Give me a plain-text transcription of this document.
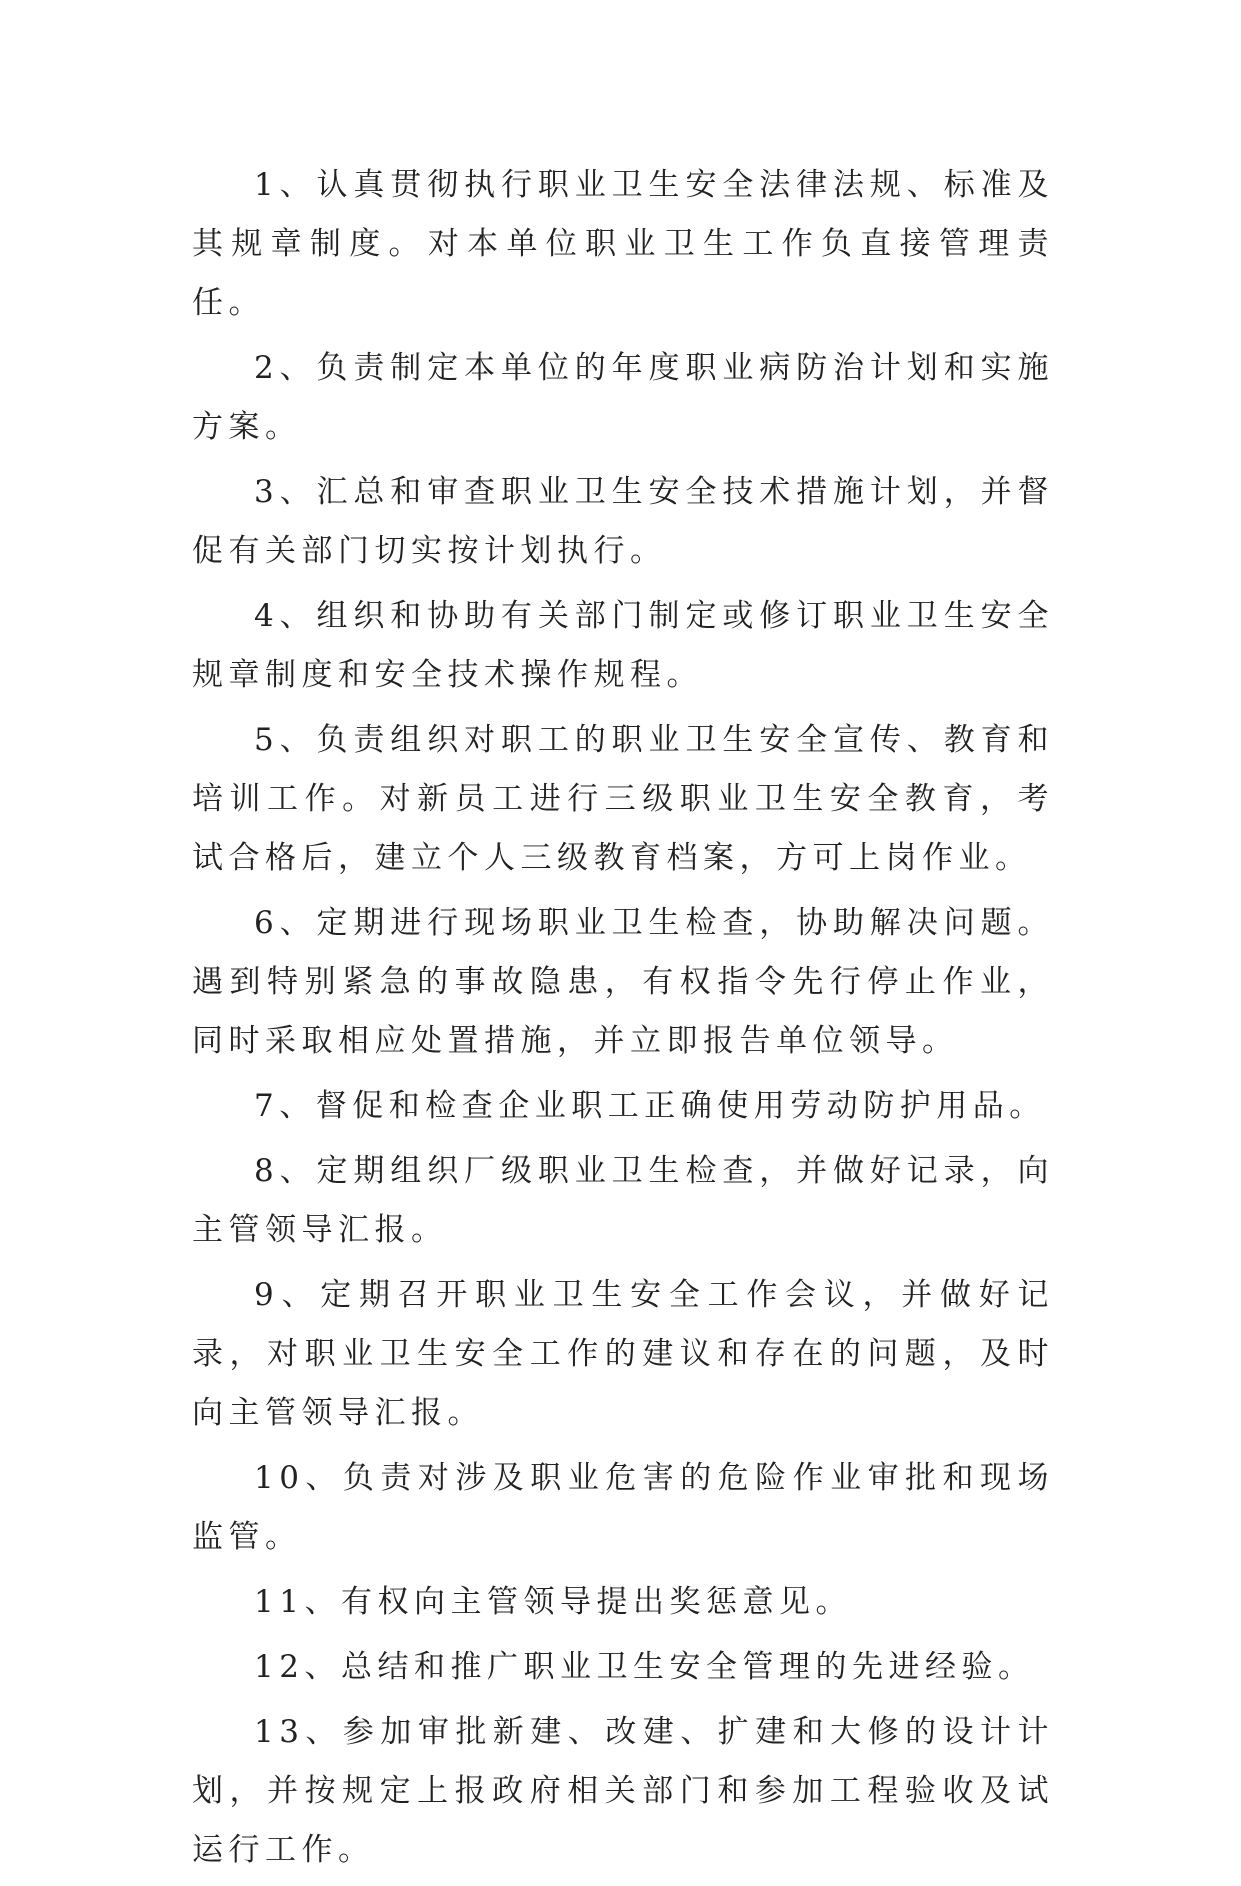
1、认真贯彻执行职业卫生安全法律法规、标准及其规章制度。对本单位职业卫生工作负直接管理责任。

2、负责制定本单位的年度职业病防治计划和实施方案。

3、汇总和审查职业卫生安全技术措施计划，并督促有关部门切实按计划执行。

4、组织和协助有关部门制定或修订职业卫生安全规章制度和安全技术操作规程。

5、负责组织对职工的职业卫生安全宣传、教育和培训工作。对新员工进行三级职业卫生安全教育，考试合格后，建立个人三级教育档案，方可上岗作业。

6、定期进行现场职业卫生检查，协助解决问题。遇到特别紧急的事故隐患，有权指令先行停止作业，同时采取相应处置措施，并立即报告单位领导。

7、督促和检查企业职工正确使用劳动防护用品。

8、定期组织厂级职业卫生检查，并做好记录，向主管领导汇报。

9、定期召开职业卫生安全工作会议，并做好记录，对职业卫生安全工作的建议和存在的问题，及时向主管领导汇报。

10、负责对涉及职业危害的危险作业审批和现场监管。

11、有权向主管领导提出奖惩意见。

12、总结和推广职业卫生安全管理的先进经验。

13、参加审批新建、改建、扩建和大修的设计计划，并按规定上报政府相关部门和参加工程验收及试运行工作。
